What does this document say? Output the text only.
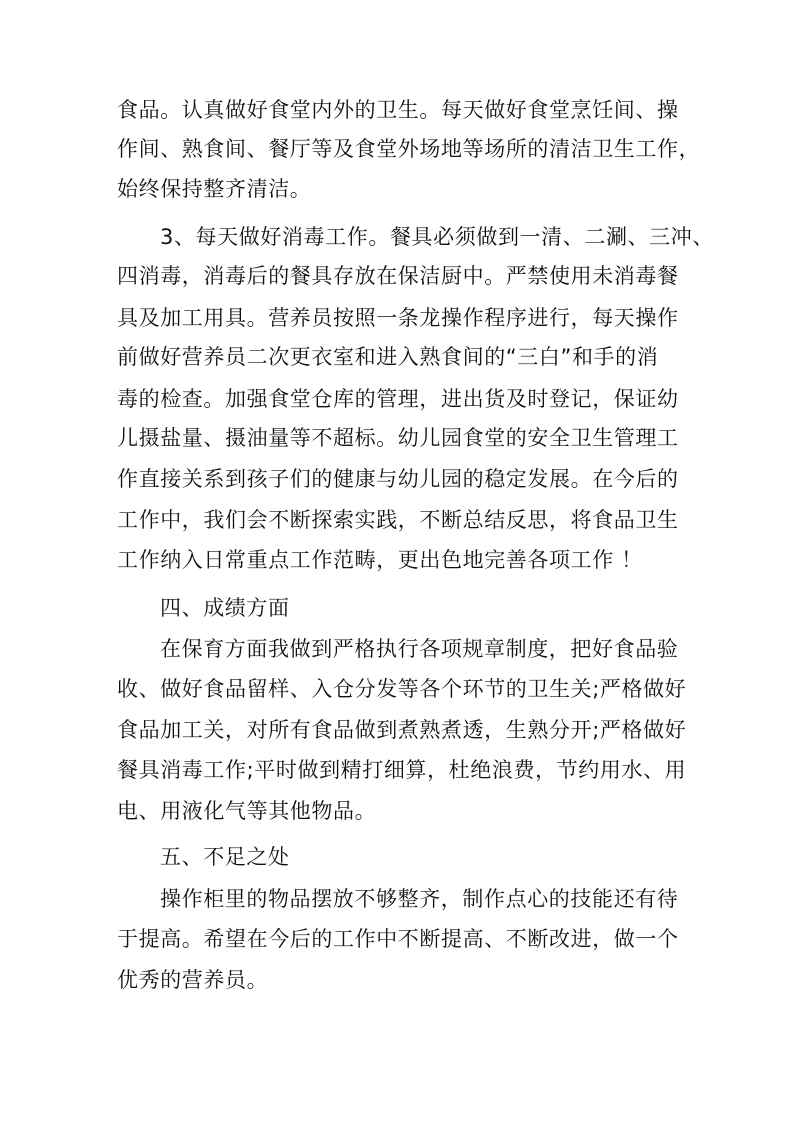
食品。认真做好食堂内外的卫生。每天做好食堂烹饪间、操
作间、熟食间、餐厅等及食堂外场地等场所的清洁卫生工作，
始终保持整齐清洁。
3、每天做好消毒工作。餐具必须做到一清、二涮、三冲、
四消毒，消毒后的餐具存放在保洁厨中。严禁使用未消毒餐
具及加工用具。营养员按照一条龙操作程序进行，每天操作
前做好营养员二次更衣室和进入熟食间的“三白”和手的消
毒的检查。加强食堂仓库的管理，进出货及时登记，保证幼
儿摄盐量、摄油量等不超标。幼儿园食堂的安全卫生管理工
作直接关系到孩子们的健康与幼儿园的稳定发展。在今后的
工作中，我们会不断探索实践，不断总结反思，将食品卫生
工作纳入日常重点工作范畴，更出色地完善各项工作 ！
四、成绩方面
在保育方面我做到严格执行各项规章制度，把好食品验
收、做好食品留样、入仓分发等各个环节的卫生关;严格做好
食品加工关，对所有食品做到煮熟煮透，生熟分开;严格做好
餐具消毒工作;平时做到精打细算，杜绝浪费，节约用水、用
电、用液化气等其他物品。
五、不足之处
操作柜里的物品摆放不够整齐，制作点心的技能还有待
于提高。希望在今后的工作中不断提高、不断改进，做一个
优秀的营养员。
